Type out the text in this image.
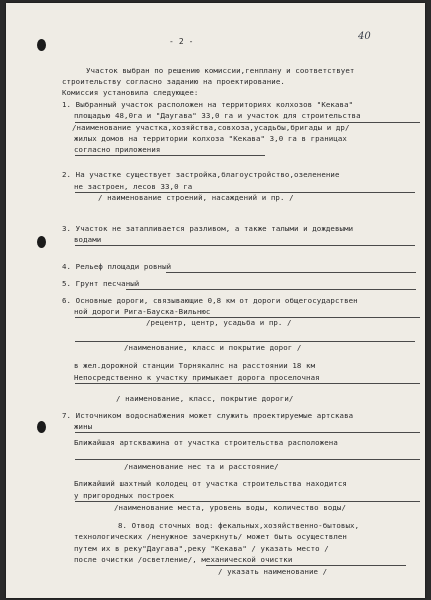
- 2 -	40
Участок выбран по решению комиссии,генплану и соответствует
строительству согласно заданию на проектирование.
Комиссия установила следующее:
1. Выбранный участок расположен на территориях колхозов "Кекава"
площадью 48,0га и "Даугава" 33,0 га и участок для строительства
/наименование участка,хозяйства,совхоза,усадьбы,бригады и др/
жилых домов на территории колхоза "Кекава" 3,0 га в границах
согласно приложения
2. На участке существует застройка,благоустройство,озеленение
не застроен, лесов 33,0 га
/ наименование строений, насаждений и пр. /
3. Участок не затапливается разливом, а также талыми и дождевыми
водами
4. Рельеф площади ровный
5. Грунт песчаный
6. Основные дороги, связывающие 0,8 км от дороги общегосударствен
ной дороги Рига-Бауска-Вильнюс
/рецентр, центр, усадьба и пр. /
/наименование, класс и покрытие дорог /
в жел.дорожной станции Торнякалнс на расстоянии 18 км
Непосредственно к участку примыкает дорога проселочная
/ наименование, класс, покрытие дороги/
7. Источником водоснабжения может служить проектируемые артскава
жины
Ближайшая артскважина от участка строительства расположена
/наименование нес та и расстояние/
Ближайший шахтный колодец от участка строительства находится
у пригородных построек
/наименование места, уровень воды, количество воды/
8. Отвод сточных вод: фекальных,хозяйственно-бытовых,
технологических /ненужное зачеркнуть/ может быть осуществлен
путем их в реку"Даугава",реку "Кекава" / указать место /
после очистки /осветление/, механической очистки
/ указать наименование /
